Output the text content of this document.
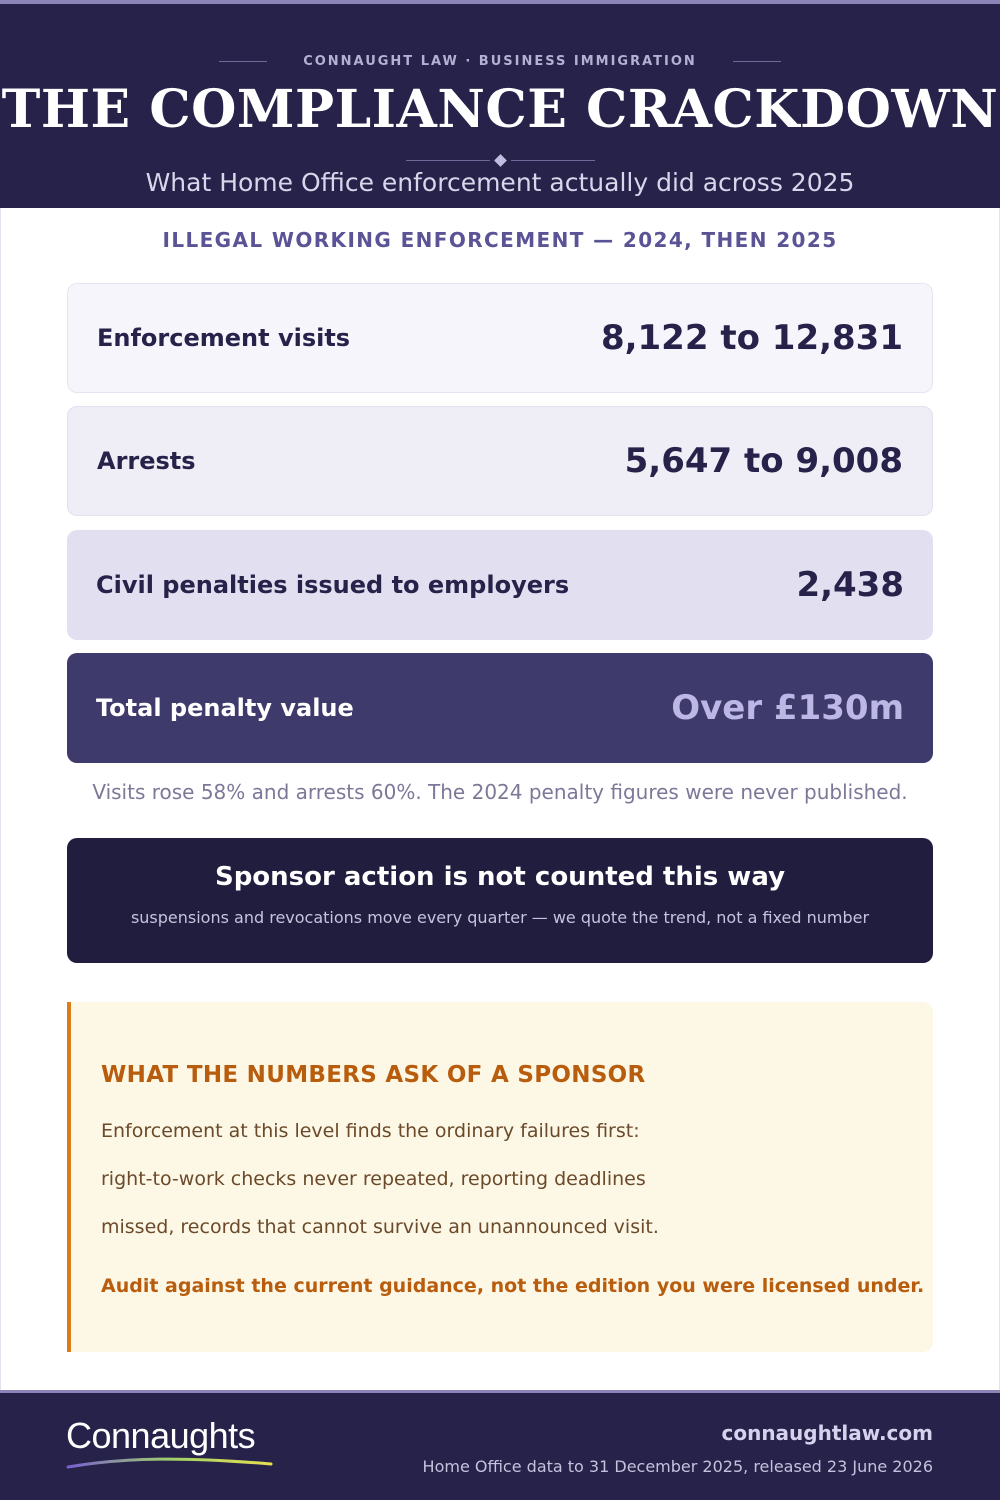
CONNAUGHT LAW · BUSINESS IMMIGRATION
THE COMPLIANCE CRACKDOWN

What Home Office enforcement actually did across 2025

ILLEGAL WORKING ENFORCEMENT — 2024, THEN 2025
Enforcement visits	8,122 to 12,831
Arrests	5,647 to 9,008
Civil penalties issued to employers	2,438
Total penalty value	Over £130m

Visits rose 58% and arrests 60%. The 2024 penalty figures were never published.

Sponsor action is not counted this way
suspensions and revocations move every quarter — we quote the trend, not a fixed number
WHAT THE NUMBERS ASK OF A SPONSOR
Enforcement at this level finds the ordinary failures first:
right-to-work checks never repeated, reporting deadlines
missed, records that cannot survive an unannounced visit.
Audit against the current guidance, not the edition you were licensed under.
Connaughts	connaughtlaw.com
Home Office data to 31 December 2025, released 23 June 2026
